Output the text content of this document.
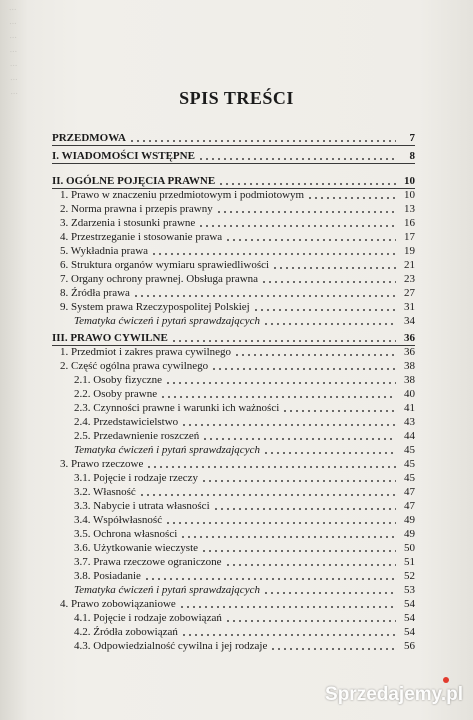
...
...
...
...
...
...
...	SPIS TREŚCI
PRZEDMOWA	7
I. WIADOMOŚCI WSTĘPNE	8
II. OGÓLNE POJĘCIA PRAWNE	10
1. Prawo w znaczeniu przedmiotowym i podmiotowym	10
2. Norma prawna i przepis prawny	13
3. Zdarzenia i stosunki prawne	16
4. Przestrzeganie i stosowanie prawa	17
5. Wykładnia prawa	19
6. Struktura organów wymiaru sprawiedliwości	21
7. Organy ochrony prawnej. Obsługa prawna	23
8. Źródła prawa	27
9. System prawa Rzeczypospolitej Polskiej	31
Tematyka ćwiczeń i pytań sprawdzających	34
III. PRAWO CYWILNE	36
1. Przedmiot i zakres prawa cywilnego	36
2. Część ogólna prawa cywilnego	38
2.1. Osoby fizyczne	38
2.2. Osoby prawne	40
2.3. Czynności prawne i warunki ich ważności	41
2.4. Przedstawicielstwo	43
2.5. Przedawnienie roszczeń	44
Tematyka ćwiczeń i pytań sprawdzających	45
3. Prawo rzeczowe	45
3.1. Pojęcie i rodzaje rzeczy	45
3.2. Własność	47
3.3. Nabycie i utrata własności	47
3.4. Współwłasność	49
3.5. Ochrona własności	49
3.6. Użytkowanie wieczyste	50
3.7. Prawa rzeczowe ograniczone	51
3.8. Posiadanie	52
Tematyka ćwiczeń i pytań sprawdzających	53
4. Prawo zobowiązaniowe	54
4.1. Pojęcie i rodzaje zobowiązań	54
4.2. Źródła zobowiązań	54
4.3. Odpowiedzialność cywilna i jej rodzaje	56
Sprzedajemy.pl
